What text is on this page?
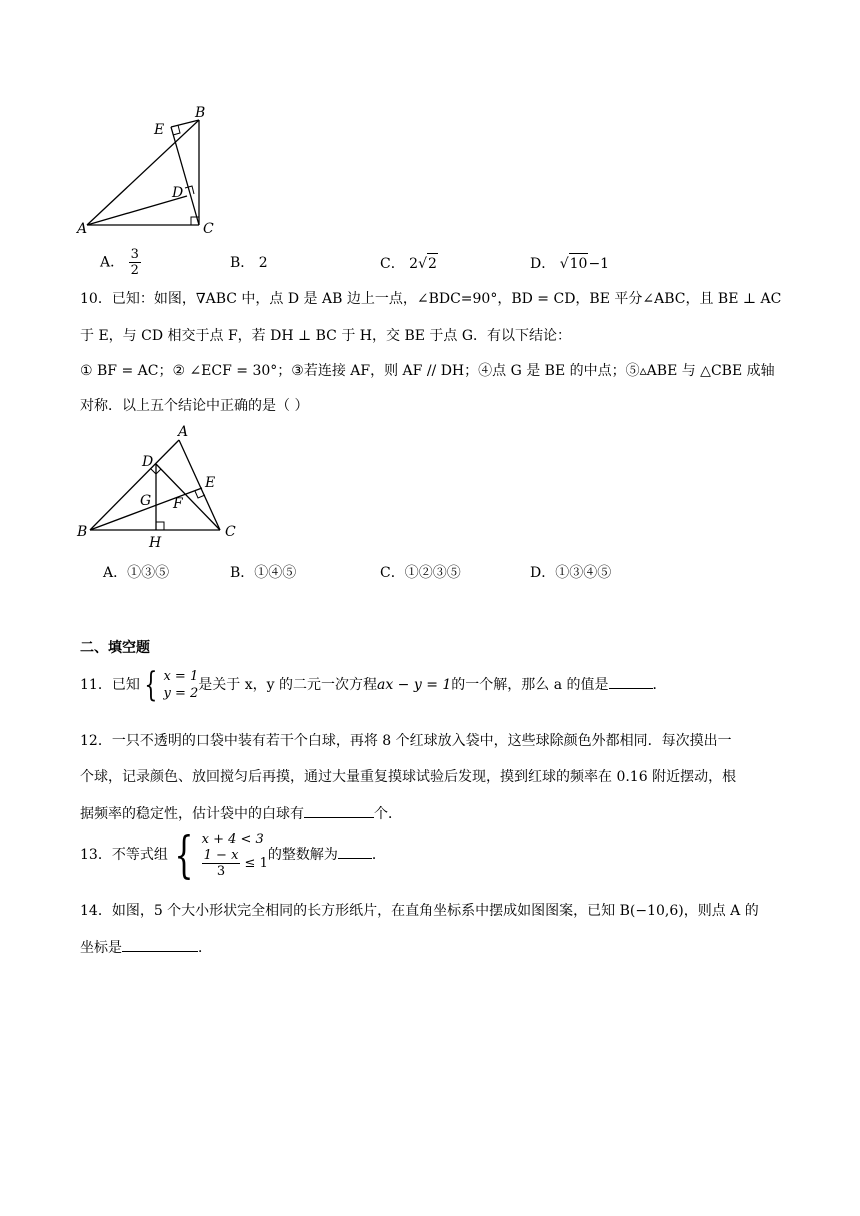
B
E
D
A	C
A． $\frac{3}{2}$	B． 2	C． 2√2	D． √10−1
10．已知：如图，∇ABC 中，点 D 是 AB 边上一点，∠BDC=90°，BD = CD，BE 平分∠ABC，且 BE ⊥ AC
于 E，与 CD 相交于点 F，若 DH ⊥ BC 于 H，交 BE 于点 G．有以下结论：
① BF = AC；② ∠ECF = 30°；③若连接 AF，则 AF // DH；④点 G 是 BE 的中点；⑤▵ABE 与 △CBE 成轴
对称．以上五个结论中正确的是（ ）
A
D
E
G F
B
H
C
A．①③⑤	B．①④⑤	C．①②③⑤	D．①③④⑤
二、填空题
11．已知 { x = 1
y = 2
是关于 x，y 的二元一次方程ax − y = 1的一个解，那么 a 的值是	．
12．一只不透明的口袋中装有若干个白球，再将 8 个红球放入袋中，这些球除颜色外都相同．每次摸出一
个球，记录颜色、放回搅匀后再摸，通过大量重复摸球试验后发现，摸到红球的频率在 0.16 附近摆动，根
据频率的稳定性，估计袋中的白球有	个．
13．不等式组 { x + 4 < 3
$\frac{1 - x}{3} \le 1$
的整数解为 ．
14．如图，5 个大小形状完全相同的长方形纸片，在直角坐标系中摆成如图图案，已知 B(−10,6)，则点 A 的
坐标是	．
